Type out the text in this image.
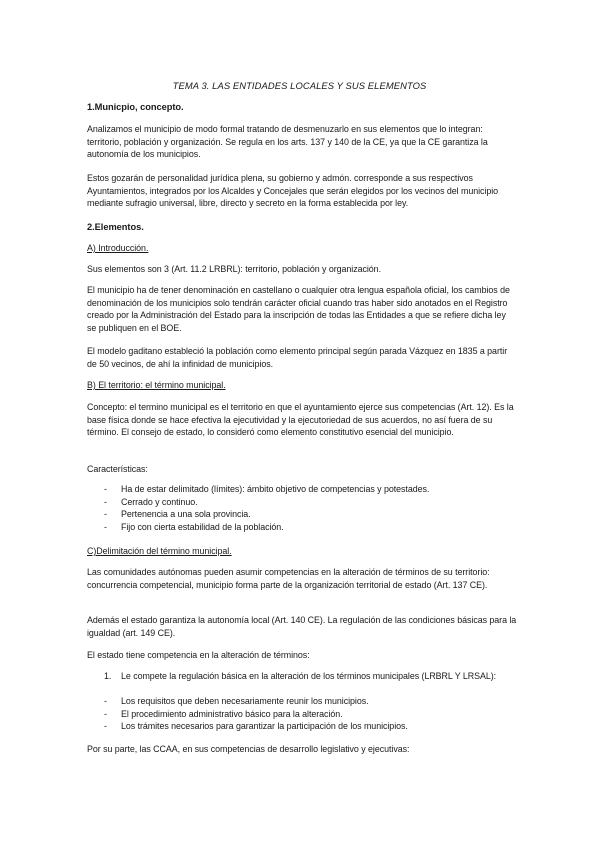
TEMA 3. LAS ENTIDADES LOCALES Y SUS ELEMENTOS
1.Municpio, concepto.

Analizamos el municipio de modo formal tratando de desmenuzarlo en sus elementos que lo integran: territorio, población y organización. Se regula en los arts. 137 y 140 de la CE, ya que la CE garantiza la autonomía de los municipios.

Estos gozarán de personalidad jurídica plena, su gobierno y admón. corresponde a sus respectivos Ayuntamientos, integrados por los Alcaldes y Concejales que serán elegidos por los vecinos del municipio mediante sufragio universal, libre, directo y secreto en la forma establecida por ley.

2.Elementos.
A) Introducción.

Sus elementos son 3 (Art. 11.2 LRBRL): territorio, población y organización.

El municipio ha de tener denominación en castellano o cualquier otra lengua española oficial, los cambios de denominación de los municipios solo tendrán carácter oficial cuando tras haber sido anotados en el Registro creado por la Administración del Estado para la inscripción de todas las Entidades a que se refiere dicha ley se publiquen en el BOE.

El modelo gaditano estableció la población como elemento principal según parada Vázquez en 1835 a partir de 50 vecinos, de ahí la infinidad de municipios.

B) El territorio: el término municipal.

Concepto: el termino municipal es el territorio en que el ayuntamiento ejerce sus competencias (Art. 12). Es la base física donde se hace efectiva la ejecutividad y la ejecutoriedad de sus acuerdos, no así fuera de su término. El consejo de estado, lo consideró como elemento constitutivo esencial del municipio.

Características:

- Ha de estar delimitado (límites): ámbito objetivo de competencias y potestades.
- Cerrado y continuo.
- Pertenencia a una sola provincia.
- Fijo con cierta estabilidad de la población.
C)Delimitación del término municipal.

Las comunidades autónomas pueden asumir competencias en la alteración de términos de su territorio: concurrencia competencial, municipio forma parte de la organización territorial de estado (Art. 137 CE).

Además el estado garantiza la autonomía local (Art. 140 CE). La regulación de las condiciones básicas para la igualdad (art. 149 CE).

El estado tiene competencia en la alteración de términos:

1.	Le compete la regulación básica en la alteración de los términos municipales (LRBRL Y LRSAL):
- Los requisitos que deben necesariamente reunir los municipios.
- El procedimiento administrativo básico para la alteración.
- Los trámites necesarios para garantizar la participación de los municipios.

Por su parte, las CCAA, en sus competencias de desarrollo legislativo y ejecutivas:
